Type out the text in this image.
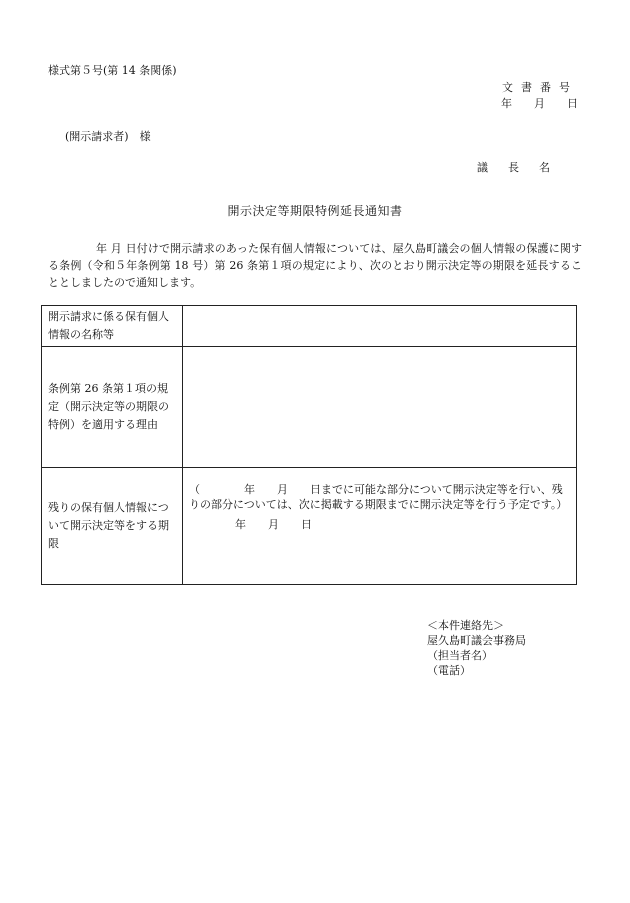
様式第５号(第 14 条関係)
文書番号
年 月 日
(開示請求者)　様
議長名
開示決定等期限特例延長通知書
年 月 日付けで開示請求のあった保有個人情報については、屋久島町議会の個人情報の保護に関する条例（令和５年条例第 18 号）第 26 条第１項の規定により、次のとおり開示決定等の期限を延長することとしましたので通知します。
開示請求に係る保有個人情報の名称等	
条例第 26 条第１項の規定（開示決定等の期限の特例）を適用する理由	
残りの保有個人情報について開示決定等をする期限	（　　　　年　　月　　日までに可能な部分について開示決定等を行い、残りの部分については、次に掲載する期限までに開示決定等を行う予定です。）
年　　月　　日
＜本件連絡先＞
屋久島町議会事務局
（担当者名）
（電話）
